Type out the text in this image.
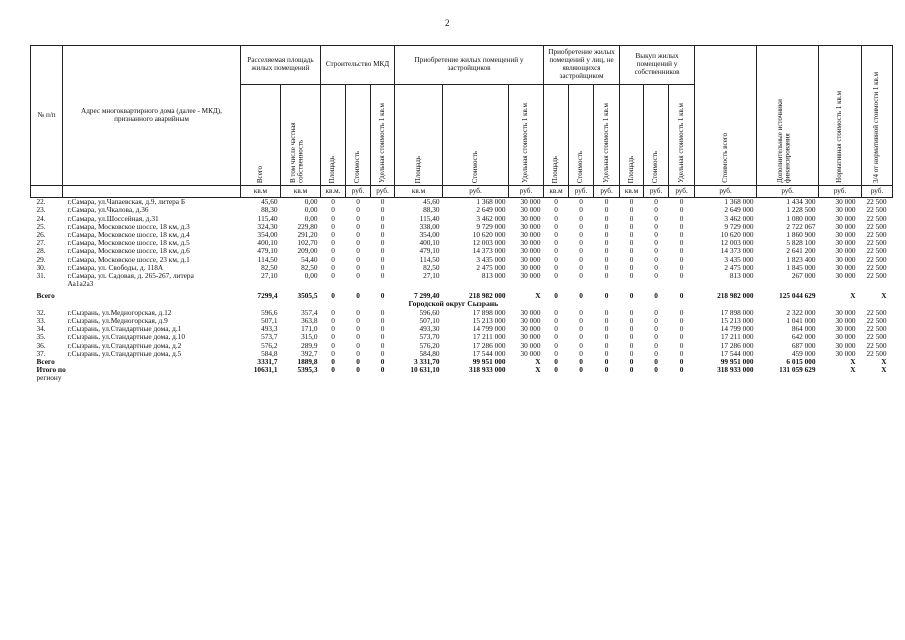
2
№ п/п	Адрес многоквартирного дома (далее - МКД), признанного аварийным	Расселяемая площадь жилых помещений		Строительство МКД			Приобретение жилых помещений у застройщиков			Приобретение жилых помещений у лиц, не являющихся застройщиком			Выкуп жилых помещений у собственников			Стоимость всего	Дополнительные источники финансирования	Нормативная стоимость 1 кв.м	3/4 от нормативной стоимости 1 кв.м
		Всего	В том числе частная собственность	Площадь	Стоимость	Удельная стоимость 1 кв.м	Площадь	Стоимость	Удельная стоимость 1 кв.м	Площадь	Стоимость	Удельная стоимость 1 кв.м	Площадь	Стоимость	Удельная стоимость 1 кв.м				
		кв.м	кв.м	кв.м.	руб.	руб.	кв.м	руб.	руб.	кв.м	руб.	руб.	кв.м	руб.	руб.	руб.	руб.	руб.	руб.
22.	г.Самара, ул.Чапаевская, д.9, литера Б	45,60	0,00	0	0	0	45,60	1 368 000	30 000	0	0	0	0	0	0	1 368 000	1 434 300	30 000	22 500
23.	г.Самара, ул.Чкалова, д.36	88,30	0,00	0	0	0	88,30	2 649 000	30 000	0	0	0	0	0	0	2 649 000	1 228 500	30 000	22 500
24.	г.Самара, ул.Шоссейная, д.31	115,40	0,00	0	0	0	115,40	3 462 000	30 000	0	0	0	0	0	0	3 462 000	1 080 000	30 000	22 500
25.	г.Самара, Московское шоссе, 18 км, д.3	324,30	229,80	0	0	0	338,00	9 729 000	30 000	0	0	0	0	0	0	9 729 000	2 722 067	30 000	22 500
26.	г.Самара, Московское шоссе, 18 км, д.4	354,00	291,20	0	0	0	354,00	10 620 000	30 000	0	0	0	0	0	0	10 620 000	1 860 900	30 000	22 500
27.	г.Самара, Московское шоссе, 18 км, д.5	400,10	102,70	0	0	0	400,10	12 003 000	30 000	0	0	0	0	0	0	12 003 000	5 828 100	30 000	22 500
28.	г.Самара, Московское шоссе, 18 км, д.6	479,10	209,00	0	0	0	479,10	14 373 000	30 000	0	0	0	0	0	0	14 373 000	2 641 200	30 000	22 500
29.	г.Самара, Московское шоссе, 23 км, д.1	114,50	54,40	0	0	0	114,50	3 435 000	30 000	0	0	0	0	0	0	3 435 000	1 823 400	30 000	22 500
30.	г.Самара, ул. Свободы, д. 118А	82,50	82,50	0	0	0	82,50	2 475 000	30 000	0	0	0	0	0	0	2 475 000	1 845 000	30 000	22 500
31.	г.Самара, ул. Садовая, д. 265-267, литера	27,10	0,00	0	0	0	27,10	813 000	30 000	0	0	0	0	0	0	813 000	267 000	30 000	22 500
	Аа1а2а3																		

Всего		7299,4	3505,5	0	0	0	7 299,40	218 982 000	X	0	0	0	0	0	0	218 982 000	125 044 629	X	X
		Городской округ Сызрань																	
32.	г.Сызрань, ул.Медногорская, д.12	596,6	357,4	0	0	0	596,60	17 898 000	30 000	0	0	0	0	0	0	17 898 000	2 322 000	30 000	22 500
33.	г.Сызрань, ул.Медногорская, д.9	507,1	363,8	0	0	0	507,10	15 213 000	30 000	0	0	0	0	0	0	15 213 000	1 041 000	30 000	22 500
34.	г.Сызрань, ул.Стандартные дома, д.1	493,3	171,0	0	0	0	493,30	14 799 000	30 000	0	0	0	0	0	0	14 799 000	864 000	30 000	22 500
35.	г.Сызрань, ул.Стандартные дома, д.10	573,7	315,0	0	0	0	573,70	17 211 000	30 000	0	0	0	0	0	0	17 211 000	642 000	30 000	22 500
36.	г.Сызрань, ул.Стандартные дома, д.2	576,2	289,9	0	0	0	576,20	17 286 000	30 000	0	0	0	0	0	0	17 286 000	687 000	30 000	22 500
37.	г.Сызрань, ул.Стандартные дома, д.5	584,8	392,7	0	0	0	584,80	17 544 000	30 000	0	0	0	0	0	0	17 544 000	459 000	30 000	22 500
Всего		3331,7	1889,8	0	0	0	3 331,70	99 951 000	X	0	0	0	0	0	0	99 951 000	6 015 000	X	X
Итого по		10631,1	5395,3	0	0	0	10 631,10	318 933 000	X	0	0	0	0	0	0	318 933 000	131 059 629	X	X
региону																			
